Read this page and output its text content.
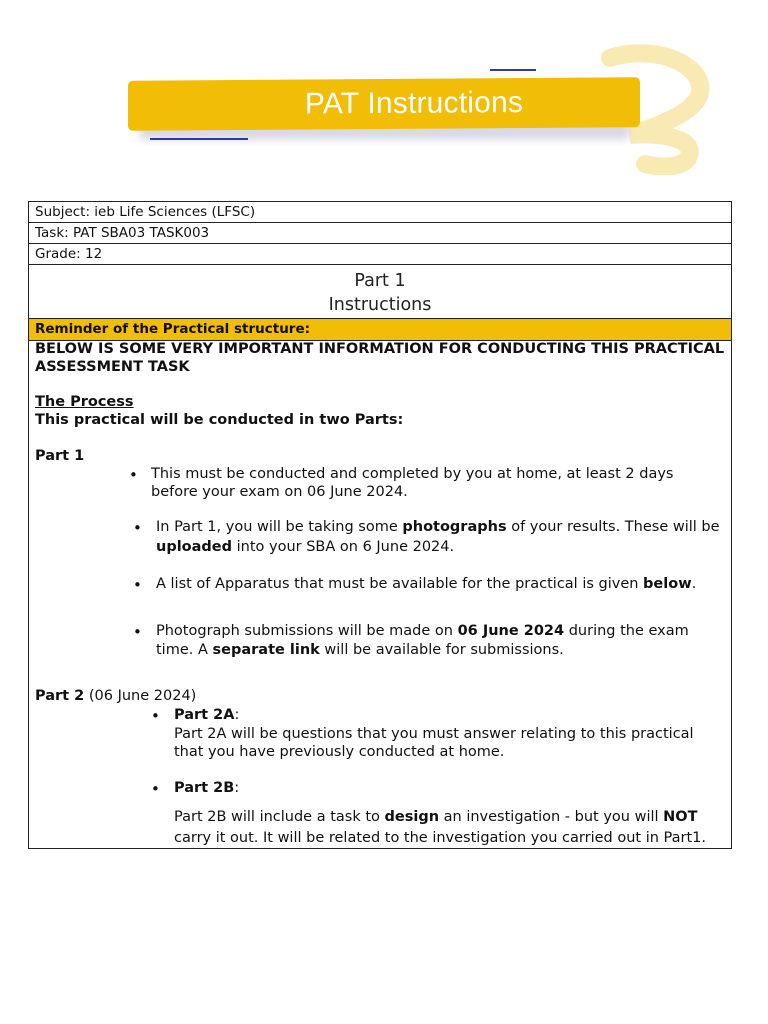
PAT Instructions
Subject: ieb Life Sciences (LFSC)
Task: PAT SBA03 TASK003
Grade: 12
Part 1
Instructions
Reminder of the Practical structure:
BELOW IS SOME VERY IMPORTANT INFORMATION FOR CONDUCTING THIS PRACTICAL
ASSESSMENT TASK
The Process
This practical will be conducted in two Parts:
Part 1
• This must be conducted and completed by you at home, at least 2 days
before your exam on 06 June 2024.
• In Part 1, you will be taking some photographs of your results. These will be
uploaded into your SBA on 6 June 2024.
• A list of Apparatus that must be available for the practical is given below.
• Photograph submissions will be made on 06 June 2024 during the exam
time. A separate link will be available for submissions.
Part 2 (06 June 2024)
• Part 2A:
Part 2A will be questions that you must answer relating to this practical
that you have previously conducted at home.
• Part 2B:
Part 2B will include a task to design an investigation - but you will NOT
carry it out. It will be related to the investigation you carried out in Part1.
